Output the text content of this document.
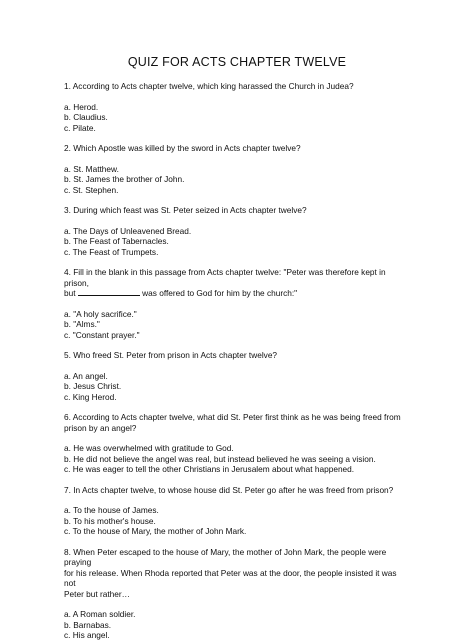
QUIZ FOR ACTS CHAPTER TWELVE

1. According to Acts chapter twelve, which king harassed the Church in Judea?

a. Herod.
b. Claudius.
c. Pilate.

2. Which Apostle was killed by the sword in Acts chapter twelve?

a. St. Matthew.
b. St. James the brother of John.
c. St. Stephen.

3. During which feast was St. Peter seized in Acts chapter twelve?

a. The Days of Unleavened Bread.
b. The Feast of Tabernacles.
c. The Feast of Trumpets.

4. Fill in the blank in this passage from Acts chapter twelve: "Peter was therefore kept in prison,
but	was offered to God for him by the church:"

a. "A holy sacrifice."
b. "Alms."
c. "Constant prayer."

5. Who freed St. Peter from prison in Acts chapter twelve?

a. An angel.
b. Jesus Christ.
c. King Herod.

6. According to Acts chapter twelve, what did St. Peter first think as he was being freed from
prison by an angel?

a. He was overwhelmed with gratitude to God.
b. He did not believe the angel was real, but instead believed he was seeing a vision.
c. He was eager to tell the other Christians in Jerusalem about what happened.

7. In Acts chapter twelve, to whose house did St. Peter go after he was freed from prison?

a. To the house of James.
b. To his mother's house.
c. To the house of Mary, the mother of John Mark.

8. When Peter escaped to the house of Mary, the mother of John Mark, the people were praying
for his release. When Rhoda reported that Peter was at the door, the people insisted it was not
Peter but rather…

a. A Roman soldier.
b. Barnabas.
c. His angel.
